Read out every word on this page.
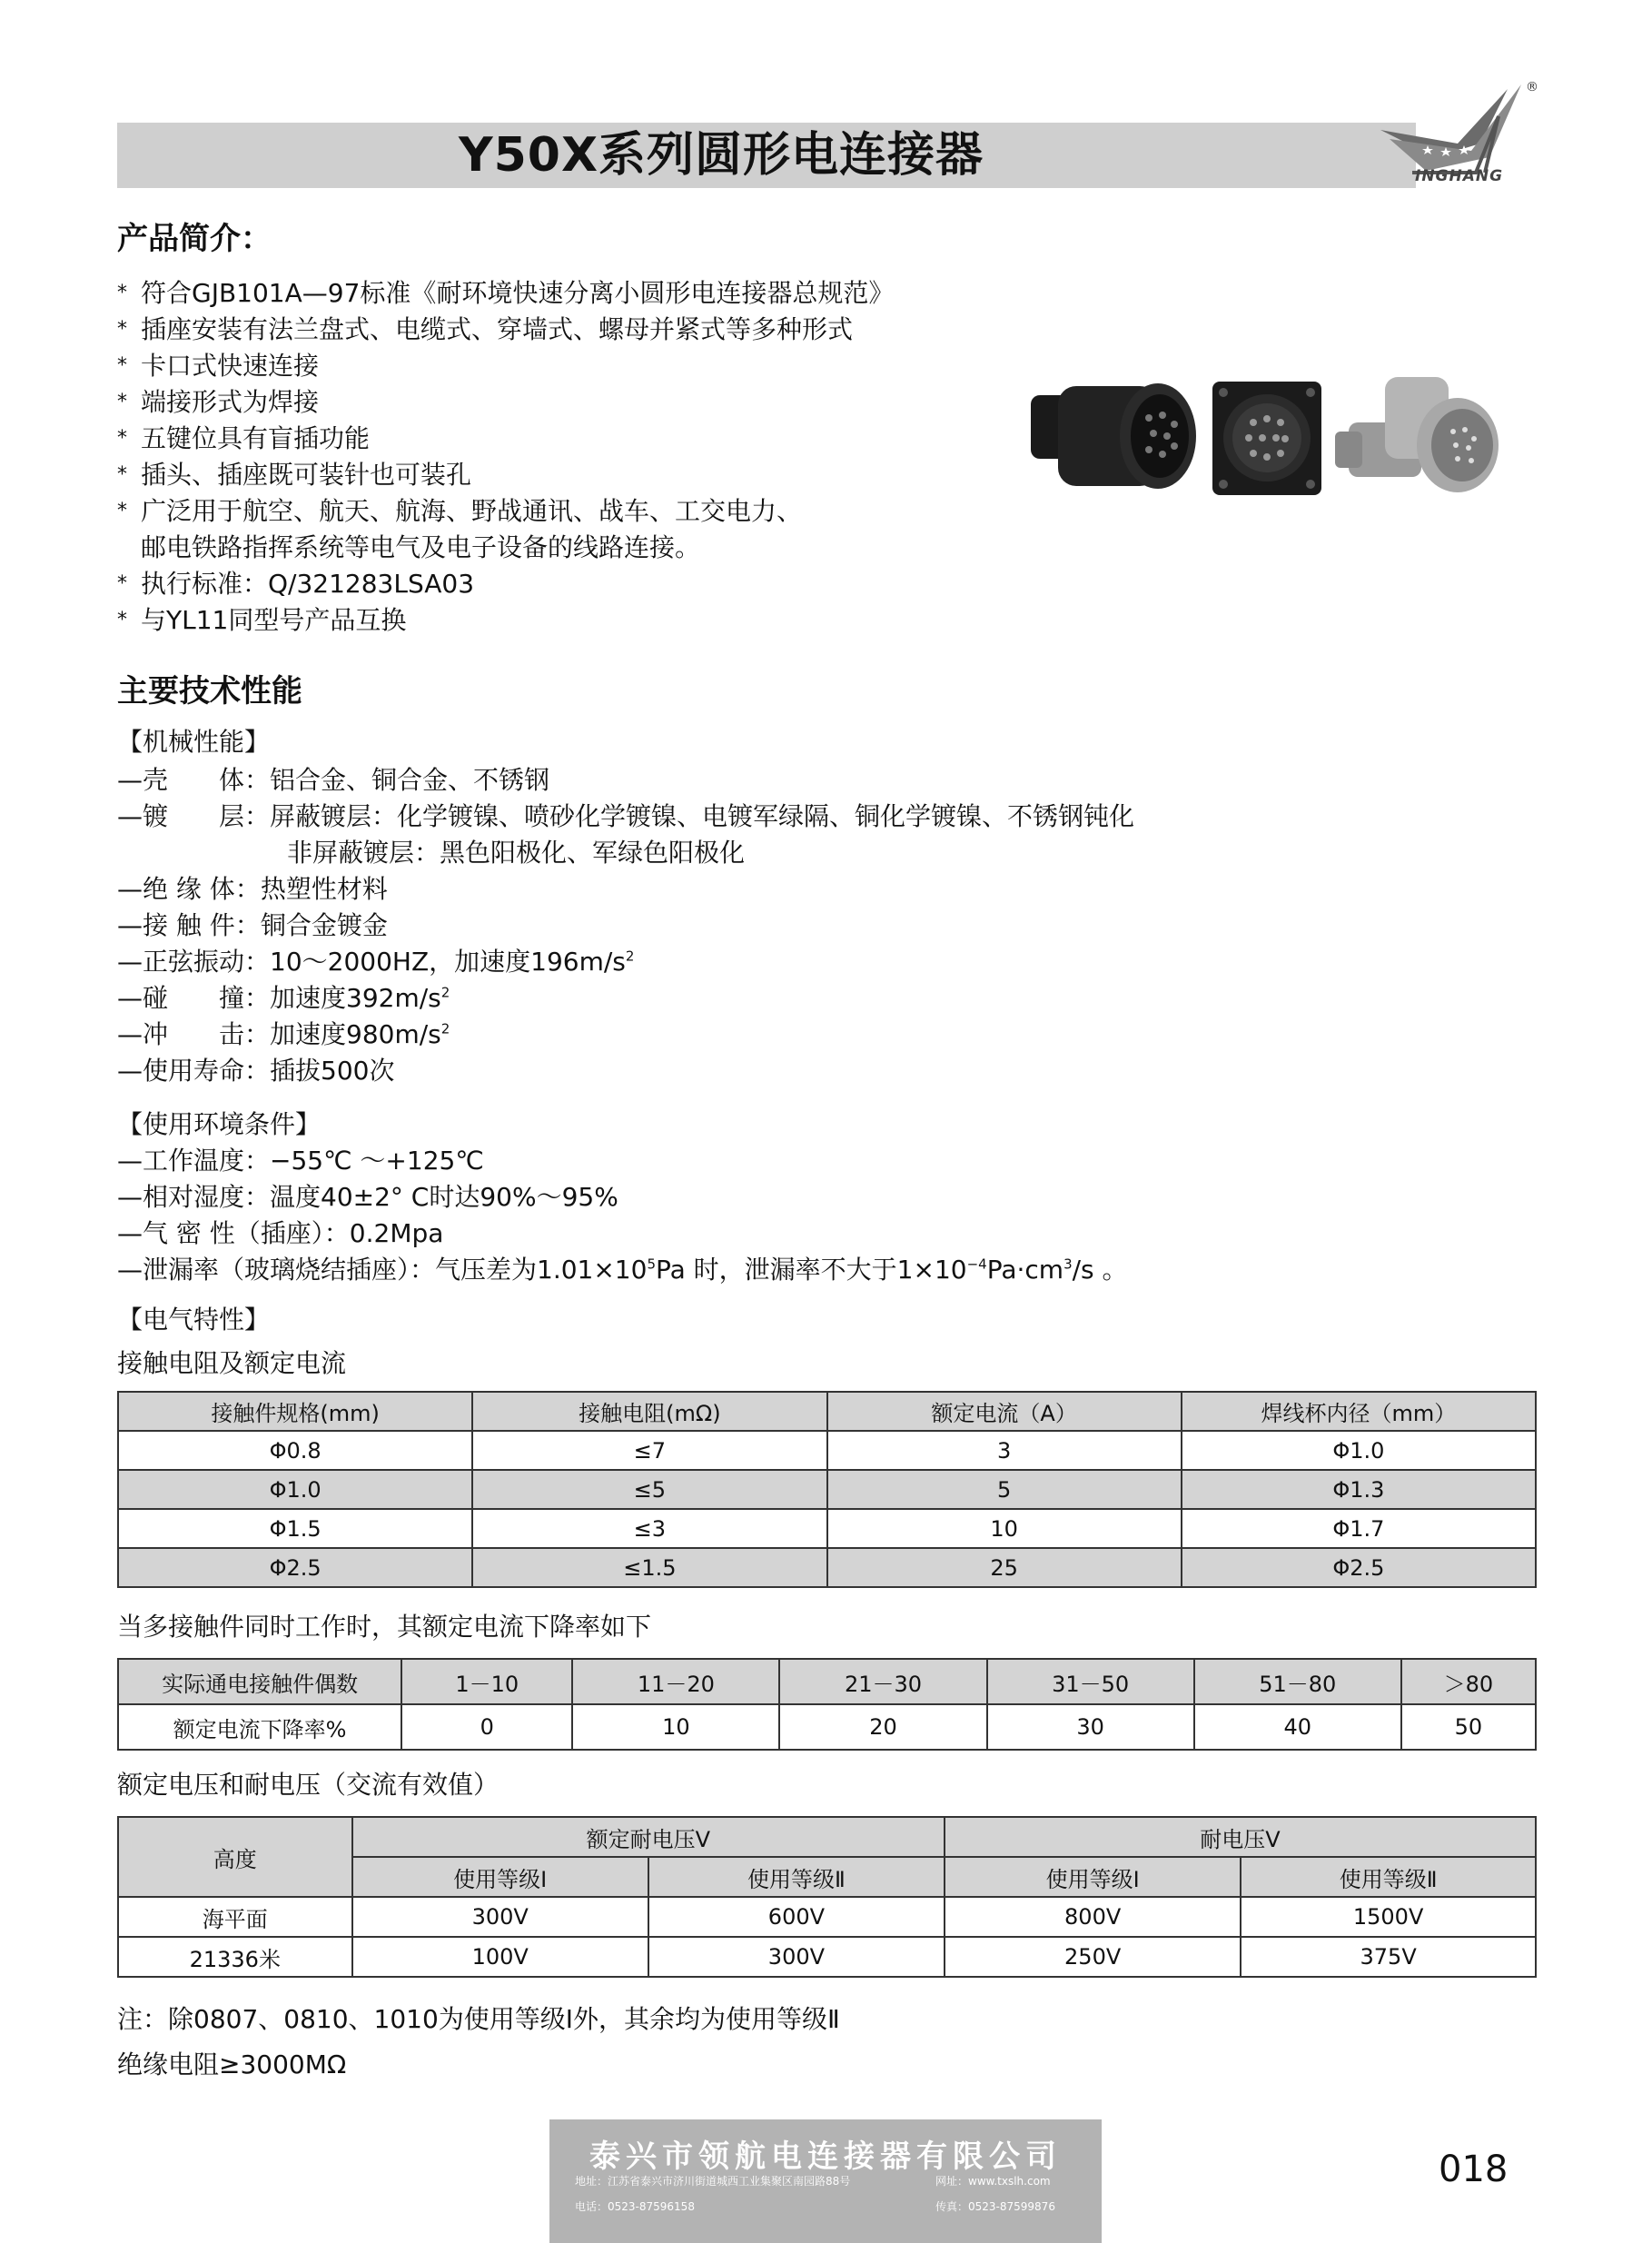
Y50X系列圆形电连接器	INGHANG
®
产品简介：
* 符合GJB101A—97标准《耐环境快速分离小圆形电连接器总规范》
* 插座安装有法兰盘式、电缆式、穿墙式、螺母并紧式等多种形式
* 卡口式快速连接
* 端接形式为焊接
* 五键位具有盲插功能
* 插头、插座既可装针也可装孔
* 广泛用于航空、航天、航海、野战通讯、战车、工交电力、
邮电铁路指挥系统等电气及电子设备的线路连接。
* 执行标准：Q/321283LSA03
* 与YL11同型号产品互换
主要技术性能
【机械性能】
—壳　　体：铝合金、铜合金、不锈钢
—镀　　层：屏蔽镀层：化学镀镍、喷砂化学镀镍、电镀军绿隔、铜化学镀镍、不锈钢钝化
非屏蔽镀层：黑色阳极化、军绿色阳极化
—绝 缘 体：热塑性材料
—接 触 件：铜合金镀金
—正弦振动：10～2000HZ，加速度$196m/s^2$
—碰　　撞：加速度$392m/s^2$
—冲　　击：加速度$980m/s^2$
—使用寿命：插拔500次
【使用环境条件】
—工作温度：−55℃ ～+125℃
—相对湿度：温度40±2° C时达90%～95%
—气 密 性（插座）：0.2Mpa
—泄漏率（玻璃烧结插座）：气压差为$1.01\times 10^5Pa$ 时，泄漏率不大于$1\times 10^{-4}Pa\cdot cm^3/s$ 。
【电气特性】
接触电阻及额定电流
接触件规格(mm)	接触电阻(mΩ)	额定电流（A）	焊线杯内径（mm）
Φ0.8	≤7	3	Φ1.0
Φ1.0	≤5	5	Φ1.3
Φ1.5	≤3	10	Φ1.7
Φ2.5	≤1.5	25	Φ2.5
当多接触件同时工作时，其额定电流下降率如下
实际通电接触件偶数	1－10	11－20	21－30	31－50	51－80	＞80
额定电流下降率%	0	10	20	30	40	50
额定电压和耐电压（交流有效值）
高度	额定耐电压V		耐电压V	
	使用等级Ⅰ	使用等级Ⅱ	使用等级Ⅰ	使用等级Ⅱ
海平面	300V	600V	800V	1500V
21336米	100V	300V	250V	375V
注：除0807、0810、1010为使用等级Ⅰ外，其余均为使用等级Ⅱ
绝缘电阻≥3000MΩ
泰兴市领航电连接器有限公司
地址：江苏省泰兴市济川街道城西工业集聚区南园路88号	网址：www.txslh.com
电话：0523-87596158	传真：0523-87599876
018
